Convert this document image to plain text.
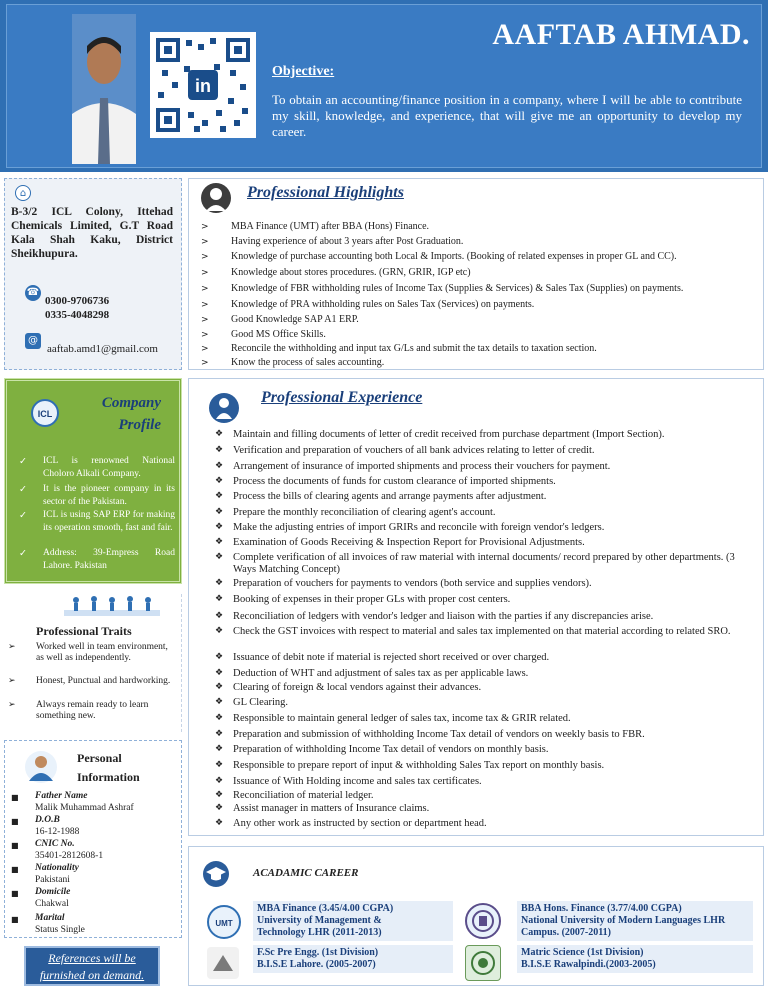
in
AAFTAB AHMAD.
Objective:
To obtain an accounting/finance position in a company, where I will be able to contribute my skill, knowledge, and experience, that will give me an opportunity to develop my career.
⌂
B-3/2 ICL Colony, Ittehad Chemicals Limited, G.T Road Kala Shah Kaku, District Sheikhupura.
☎
0300-9706736
0335-4048298
@
aaftab.amd1@gmail.com
ICL
Company
Profile
✓	ICL is renowned National Choloro Alkali Company.
✓	It is the pioneer company in its sector of the Pakistan.
✓	ICL is using SAP ERP for making its operation smooth, fast and fair.
✓	Address: 39-Empress Road Lahore. Pakistan
Professional Traits
➢	Worked well in team environment, as well as independently.
➢	Honest, Punctual and hardworking.
➢	Always remain ready to learn something new.
Personal
Information
■ Father Name
Malik Muhammad Ashraf
■ D.O.B
16-12-1988
■ CNIC No.
35401-2812608-1
■ Nationality
Pakistani
■ Domicile
Chakwal
■ Marital
Status Single
References will be
furnished on demand.
Professional Highlights
>	MBA Finance (UMT) after BBA (Hons) Finance.
>	Having experience of about 3 years after Post Graduation.
>	Knowledge of purchase accounting both Local & Imports. (Booking of related expenses in proper GL and CC).
>	Knowledge about stores procedures. (GRN, GRIR, IGP etc)
>	Knowledge of FBR withholding rules of Income Tax (Supplies & Services) & Sales Tax (Supplies) on payments.
>	Knowledge of PRA withholding rules on Sales Tax (Services) on payments.
>	Good Knowledge SAP A1 ERP.
>	Good MS Office Skills.
>	Reconcile the withholding and input tax G/Ls and submit the tax details to taxation section.
>	Know the process of sales accounting.
Professional Experience
❖ Maintain and filling documents of letter of credit received from purchase department (Import Section).
❖ Verification and preparation of vouchers of all bank advices relating to letter of credit.
❖ Arrangement of insurance of imported shipments and process their vouchers for payment.
❖ Process the documents of funds for custom clearance of imported shipments.
❖ Process the bills of clearing agents and arrange payments after adjustment.
❖ Prepare the monthly reconciliation of clearing agent's account.
❖ Make the adjusting entries of import GRIRs and reconcile with foreign vendor's ledgers.
❖ Examination of Goods Receiving & Inspection Report for Provisional Adjustments.
❖ Complete verification of all invoices of raw material with internal documents/ record prepared by other departments. (3 Ways Matching Concept)
❖ Preparation of vouchers for payments to vendors (both service and supplies vendors).
❖ Booking of expenses in their proper GLs with proper cost centers.
❖ Reconciliation of ledgers with vendor's ledger and liaison with the parties if any discrepancies arise.
❖ Check the GST invoices with respect to material and sales tax implemented on that material according to related SRO.
❖ Issuance of debit note if material is rejected short received or over charged.
❖ Deduction of WHT and adjustment of sales tax as per applicable laws.
❖ Clearing of foreign & local vendors against their advances.
❖ GL Clearing.
❖ Responsible to maintain general ledger of sales tax, income tax & GRIR related.
❖ Preparation and submission of withholding Income Tax detail of vendors on weekly basis to FBR.
❖ Preparation of withholding Income Tax detail of vendors on monthly basis.
❖ Responsible to prepare report of input & withholding Sales Tax report on monthly basis.
❖ Issuance of With Holding income and sales tax certificates.
❖ Reconciliation of material ledger.
❖ Assist manager in matters of Insurance claims.
❖ Any other work as instructed by section or department head.
ACADAMIC CAREER
UMT
MBA Finance (3.45/4.00 CGPA)
University of Management &
Technology LHR (2011-2013)
BBA Hons. Finance (3.77/4.00 CGPA)
National University of Modern Languages LHR
Campus. (2007-2011)
F.Sc Pre Engg. (1st Division)
B.I.S.E Lahore. (2005-2007)
Matric Science (1st Division)
B.I.S.E Rawalpindi.(2003-2005)
